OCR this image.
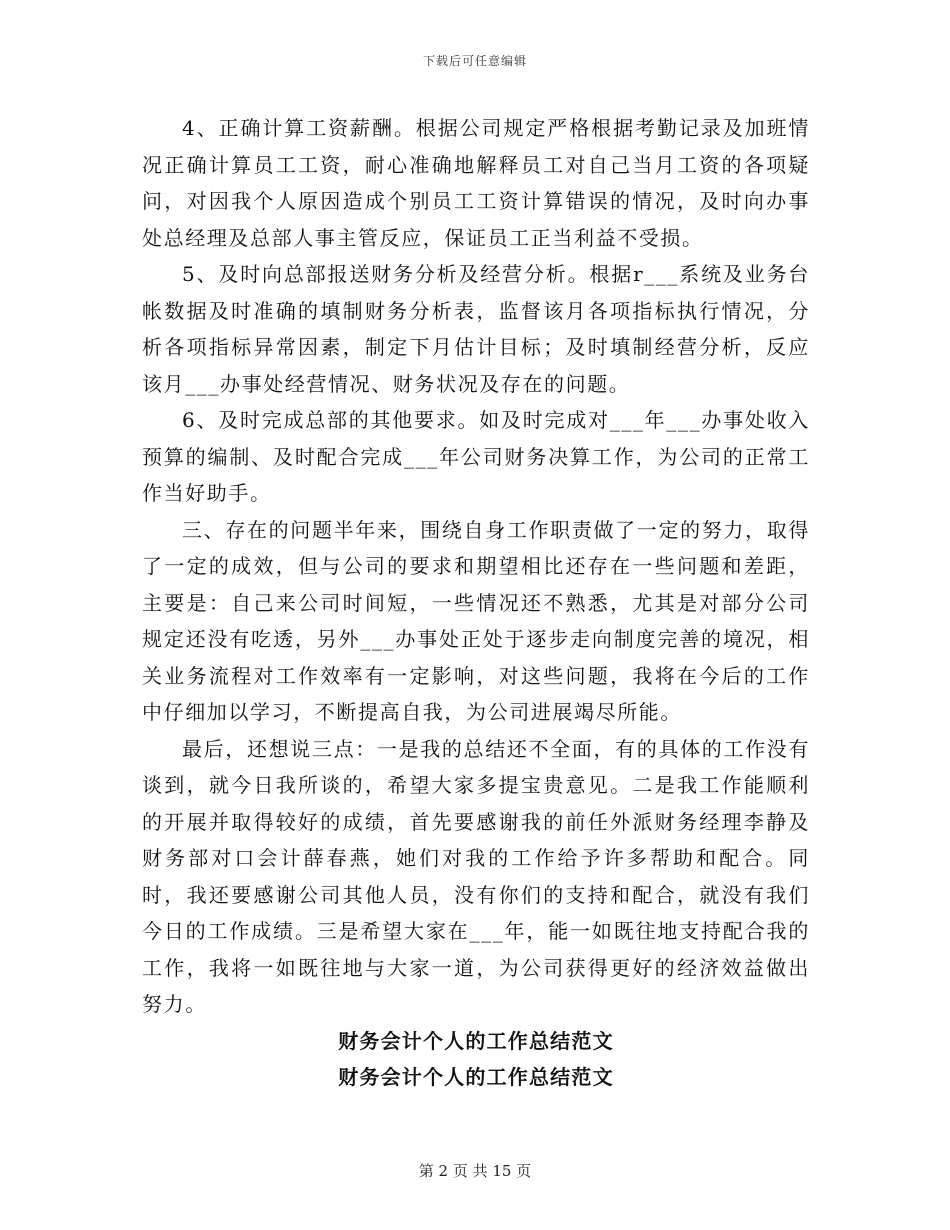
下载后可任意编辑

4、正确计算工资薪酬。根据公司规定严格根据考勤记录及加班情况正确计算员工工资，耐心准确地解释员工对自己当月工资的各项疑问，对因我个人原因造成个别员工工资计算错误的情况，及时向办事处总经理及总部人事主管反应，保证员工正当利益不受损。

5、及时向总部报送财务分析及经营分析。根据r___系统及业务台帐数据及时准确的填制财务分析表，监督该月各项指标执行情况，分析各项指标异常因素，制定下月估计目标；及时填制经营分析，反应该月___办事处经营情况、财务状况及存在的问题。

6、及时完成总部的其他要求。如及时完成对___年___办事处收入预算的编制、及时配合完成___年公司财务决算工作，为公司的正常工作当好助手。

三、存在的问题半年来，围绕自身工作职责做了一定的努力，取得了一定的成效，但与公司的要求和期望相比还存在一些问题和差距，主要是：自己来公司时间短，一些情况还不熟悉，尤其是对部分公司规定还没有吃透，另外___办事处正处于逐步走向制度完善的境况，相关业务流程对工作效率有一定影响，对这些问题，我将在今后的工作中仔细加以学习，不断提高自我，为公司进展竭尽所能。

最后，还想说三点：一是我的总结还不全面，有的具体的工作没有谈到，就今日我所谈的，希望大家多提宝贵意见。二是我工作能顺利的开展并取得较好的成绩，首先要感谢我的前任外派财务经理李静及财务部对口会计薛春燕，她们对我的工作给予许多帮助和配合。同时，我还要感谢公司其他人员，没有你们的支持和配合，就没有我们今日的工作成绩。三是希望大家在___年，能一如既往地支持配合我的工作，我将一如既往地与大家一道，为公司获得更好的经济效益做出努力。

财务会计个人的工作总结范文

财务会计个人的工作总结范文

第 2 页 共 15 页
